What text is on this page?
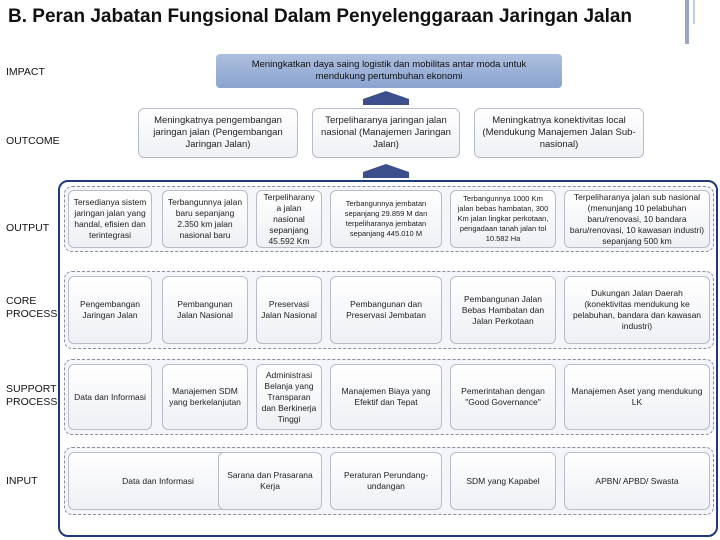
B. Peran Jabatan Fungsional Dalam Penyelenggaraan Jaringan Jalan
IMPACT
OUTCOME
OUTPUT
CORE PROCESS
SUPPORT PROCESS
INPUT
Meningkatkan daya saing logistik dan mobilitas antar moda untuk mendukung pertumbuhan ekonomi
Meningkatnya pengembangan jaringan jalan (Pengembangan Jaringan Jalan)
Terpeliharanya jaringan jalan nasional (Manajemen Jaringan Jalan)
Meningkatnya konektivitas local (Mendukung Manajemen Jalan Sub-nasional)
Tersedianya sistem jaringan jalan yang handal, efisien dan terintegrasi
Terbangunnya jalan baru sepanjang 2.350 km jalan nasional baru
Terpeliharany a jalan nasional sepanjang 45.592 Km
Terbangunnya jembatan sepanjang 29.859 M dan terpeliharanya jembatan sepanjang 445.010 M
Terbangunnya 1000 Km jalan bebas hambatan, 300 Km jalan lingkar perkotaan, pengadaan tanah jalan tol 10.582 Ha
Terpeliharanya jalan sub nasional (menunjang 10 pelabuhan baru/renovasi, 10 bandara baru/renovasi, 10 kawasan industri) sepanjang 500 km
Pengembangan Jaringan Jalan
Pembangunan Jalan Nasional
Preservasi Jalan Nasional
Pembangunan dan Preservasi Jembatan
Pembangunan Jalan Bebas Hambatan dan Jalan Perkotaan
Dukungan Jalan Daerah (konektivitas mendukung ke pelabuhan, bandara dan kawasan industri)
Data dan Informasi
Manajemen SDM yang berkelanjutan
Administrasi Belanja yang Transparan dan Berkinerja Tinggi
Manajemen Biaya yang Efektif dan Tepat
Pemerintahan dengan "Good Governance"
Manajemen Aset yang mendukung LK
Data dan Informasi
Sarana dan Prasarana Kerja
Peraturan Perundang-undangan
SDM yang Kapabel	APBN/ APBD/ Swasta
